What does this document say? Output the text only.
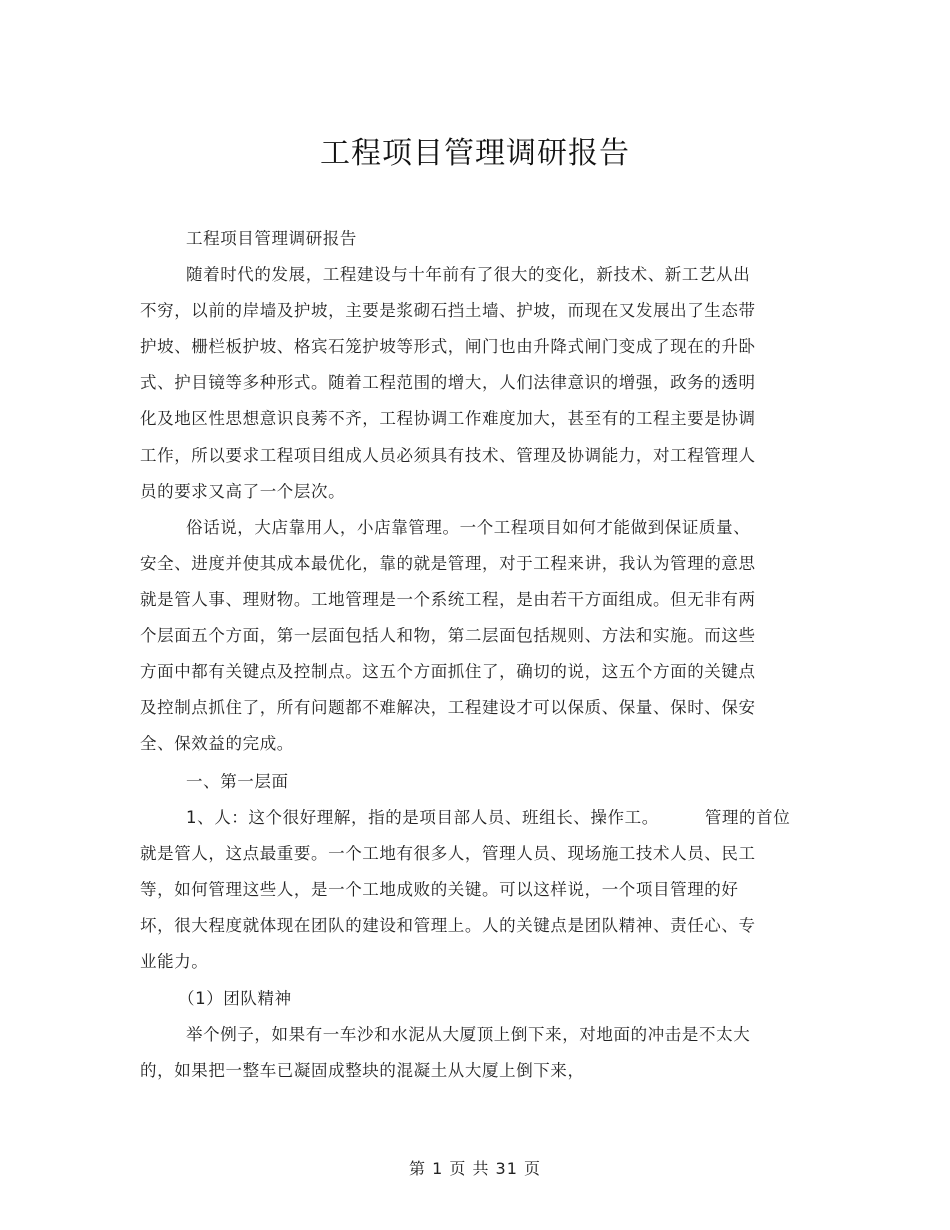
工程项目管理调研报告
工程项目管理调研报告
随着时代的发展，工程建设与十年前有了很大的变化，新技术、新工艺从出
不穷，以前的岸墙及护坡，主要是浆砌石挡土墙、护坡，而现在又发展出了生态带
护坡、栅栏板护坡、格宾石笼护坡等形式，闸门也由升降式闸门变成了现在的升卧
式、护目镜等多种形式。随着工程范围的增大，人们法律意识的增强，政务的透明
化及地区性思想意识良莠不齐，工程协调工作难度加大，甚至有的工程主要是协调
工作，所以要求工程项目组成人员必须具有技术、管理及协调能力，对工程管理人
员的要求又高了一个层次。
俗话说，大店靠用人，小店靠管理。一个工程项目如何才能做到保证质量、
安全、进度并使其成本最优化，靠的就是管理，对于工程来讲，我认为管理的意思
就是管人事、理财物。工地管理是一个系统工程，是由若干方面组成。但无非有两
个层面五个方面，第一层面包括人和物，第二层面包括规则、方法和实施。而这些
方面中都有关键点及控制点。这五个方面抓住了，确切的说，这五个方面的关键点
及控制点抓住了，所有问题都不难解决，工程建设才可以保质、保量、保时、保安
全、保效益的完成。
一、第一层面
1、人：这个很好理解，指的是项目部人员、班组长、操作工。	管理的首位
就是管人，这点最重要。一个工地有很多人，管理人员、现场施工技术人员、民工
等，如何管理这些人，是一个工地成败的关键。可以这样说，一个项目管理的好
坏，很大程度就体现在团队的建设和管理上。人的关键点是团队精神、责任心、专
业能力。
（1）团队精神
举个例子，如果有一车沙和水泥从大厦顶上倒下来，对地面的冲击是不太大
的，如果把一整车已凝固成整块的混凝土从大厦上倒下来，
第 1 页 共 31 页
